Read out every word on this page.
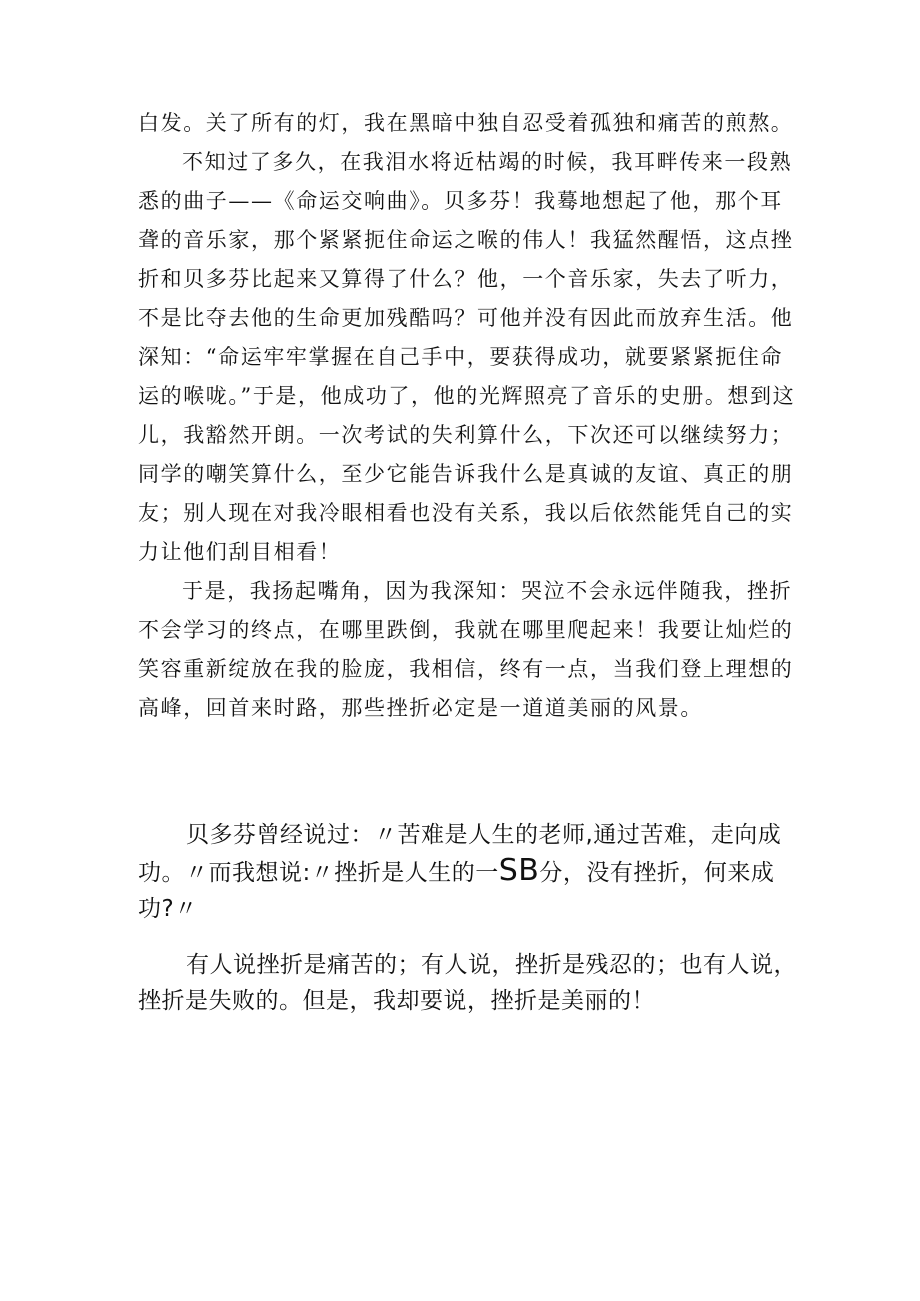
白发。关了所有的灯，我在黑暗中独自忍受着孤独和痛苦的煎熬。

不知过了多久，在我泪水将近枯竭的时候，我耳畔传来一段熟悉的曲子——《命运交响曲》。贝多芬！我蓦地想起了他，那个耳聋的音乐家，那个紧紧扼住命运之喉的伟人！我猛然醒悟，这点挫折和贝多芬比起来又算得了什么？他，一个音乐家，失去了听力，不是比夺去他的生命更加残酷吗？可他并没有因此而放弃生活。他深知：“命运牢牢掌握在自己手中，要获得成功，就要紧紧扼住命运的喉咙。”于是，他成功了，他的光辉照亮了音乐的史册。想到这儿，我豁然开朗。一次考试的失利算什么，下次还可以继续努力；同学的嘲笑算什么，至少它能告诉我什么是真诚的友谊、真正的朋友；别人现在对我冷眼相看也没有关系，我以后依然能凭自己的实力让他们刮目相看！

于是，我扬起嘴角，因为我深知：哭泣不会永远伴随我，挫折不会学习的终点，在哪里跌倒，我就在哪里爬起来！我要让灿烂的笑容重新绽放在我的脸庞，我相信，终有一点，当我们登上理想的高峰，回首来时路，那些挫折必定是一道道美丽的风景。

贝多芬曾经说过：〃苦难是人生的老师,通过苦难，走向成功。〃而我想说:〃挫折是人生的一SB分，没有挫折，何来成功?〃

有人说挫折是痛苦的；有人说，挫折是残忍的；也有人说，挫折是失败的。但是，我却要说，挫折是美丽的！
